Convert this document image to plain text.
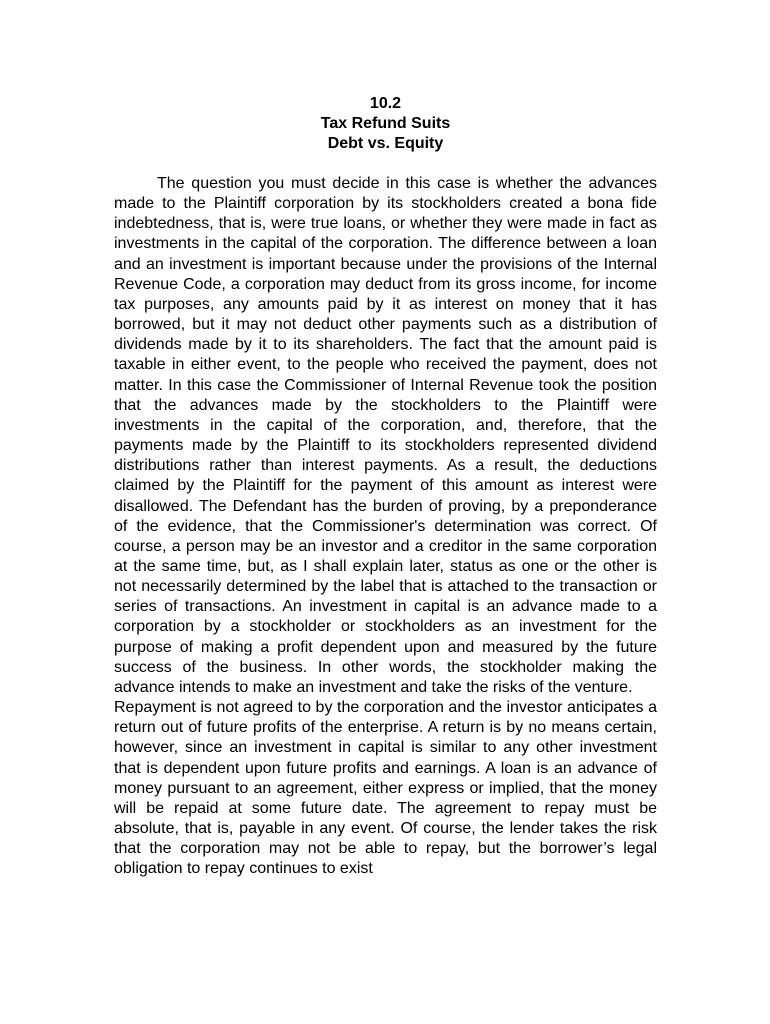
10.2
Tax Refund Suits
Debt vs. Equity

The question you must decide in this case is whether the advances made to the Plaintiff corporation by its stockholders created a bona fide indebtedness, that is, were true loans, or whether they were made in fact as investments in the capital of the corporation. The difference between a loan and an investment is important because under the provisions of the Internal Revenue Code, a corporation may deduct from its gross income, for income tax purposes, any amounts paid by it as interest on money that it has borrowed, but it may not deduct other payments such as a distribution of dividends made by it to its shareholders. The fact that the amount paid is taxable in either event, to the people who received the payment, does not matter. In this case the Commissioner of Internal Revenue took the position that the advances made by the stockholders to the Plaintiff were investments in the capital of the corporation, and, therefore, that the payments made by the Plaintiff to its stockholders represented dividend distributions rather than interest payments. As a result, the deductions claimed by the Plaintiff for the payment of this amount as interest were disallowed. The Defendant has the burden of proving, by a preponderance of the evidence, that the Commissioner's determination was correct. Of course, a person may be an investor and a creditor in the same corporation at the same time, but, as I shall explain later, status as one or the other is not necessarily determined by the label that is attached to the transaction or series of transactions. An investment in capital is an advance made to a corporation by a stockholder or stockholders as an investment for the purpose of making a profit dependent upon and measured by the future success of the business. In other words, the stockholder making the advance intends to make an investment and take the risks of the venture.

Repayment is not agreed to by the corporation and the investor anticipates a return out of future profits of the enterprise. A return is by no means certain, however, since an investment in capital is similar to any other investment that is dependent upon future profits and earnings. A loan is an advance of money pursuant to an agreement, either express or implied, that the money will be repaid at some future date. The agreement to repay must be absolute, that is, payable in any event. Of course, the lender takes the risk that the corporation may not be able to repay, but the borrower’s legal obligation to repay continues to exist
